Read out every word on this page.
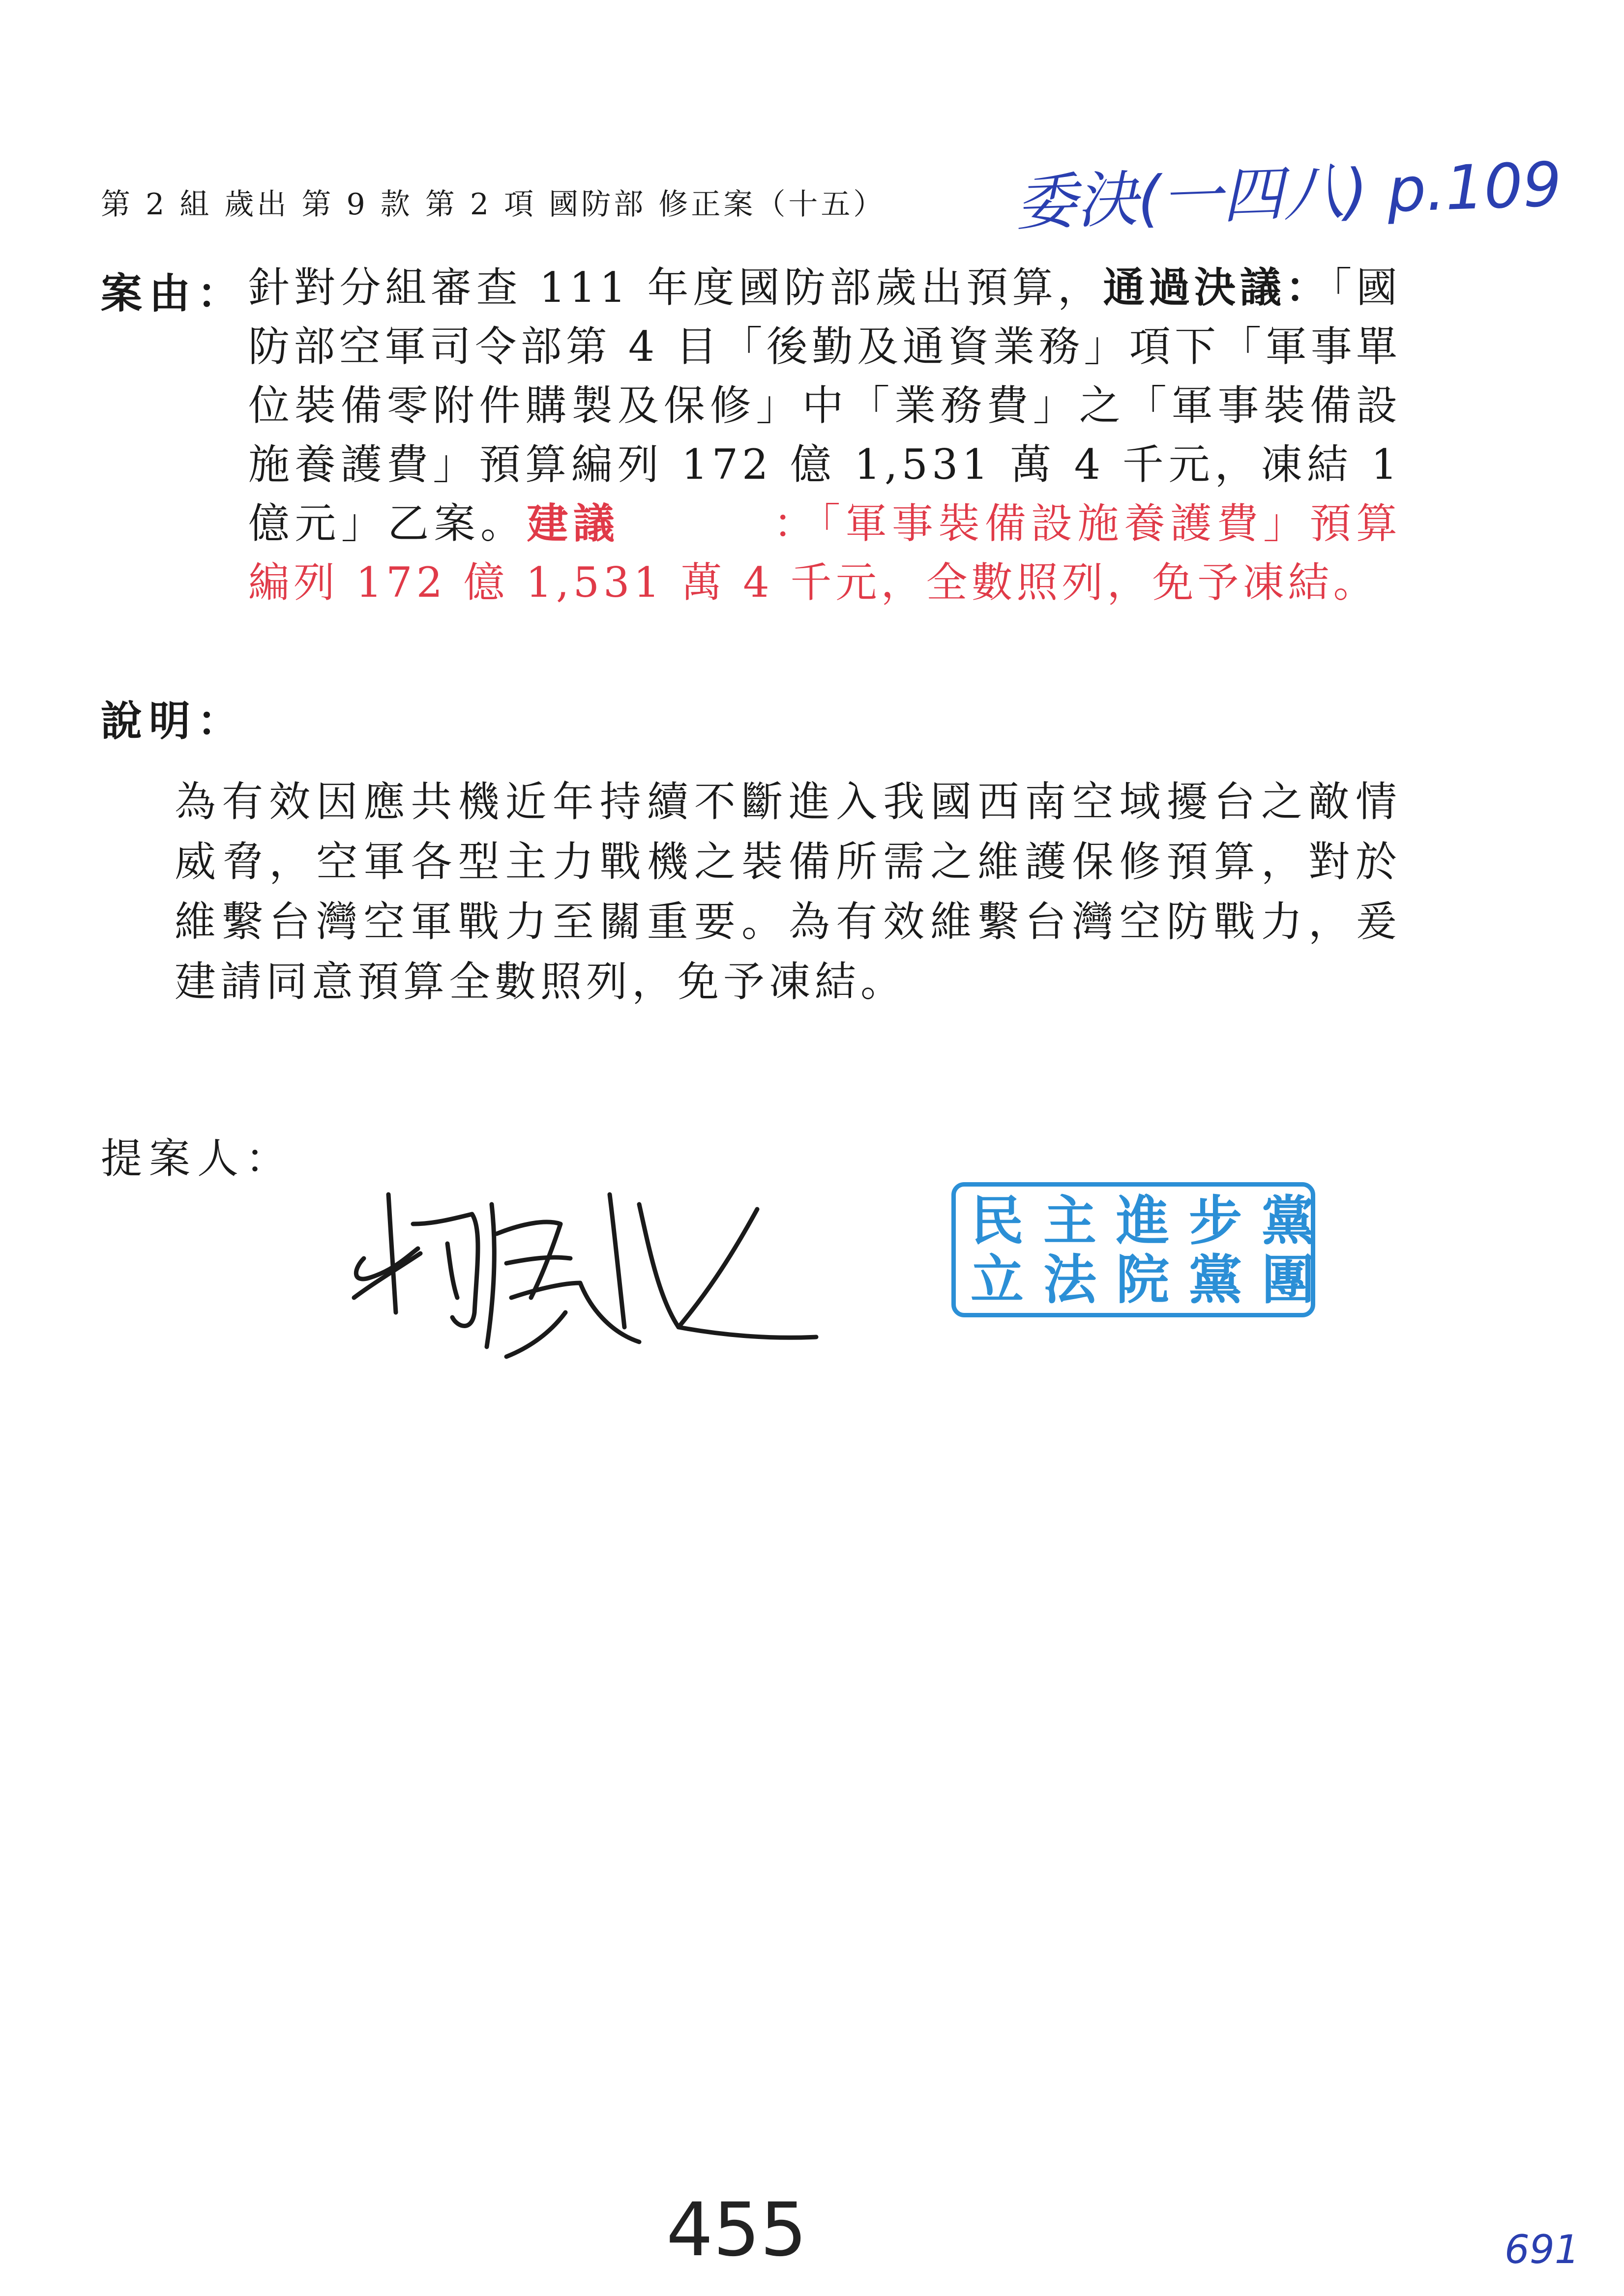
第 2 組 歲出 第 9 款 第 2 項 國防部 修正案（十五） 委決(一四八) p.109
案由： 針對分組審查 111 年度國防部歲出預算，通過決議：「國防部空軍司令部第 4 目「後勤及通資業務」項下「軍事單位裝備零附件購製及保修」中「業務費」之「軍事裝備設施養護費」預算編列 172 億 1,531 萬 4 千元，凍結 1 億元」乙案。建議	：「軍事裝備設施養護費」預算編列 172 億 1,531 萬 4 千元，全數照列，免予凍結。
說明：
為有效因應共機近年持續不斷進入我國西南空域擾台之敵情威脅，空軍各型主力戰機之裝備所需之維護保修預算，對於維繫台灣空軍戰力至關重要。為有效維繫台灣空防戰力，爰建請同意預算全數照列，免予凍結。
提案人：
民主進步黨
立法院黨團
455	691
